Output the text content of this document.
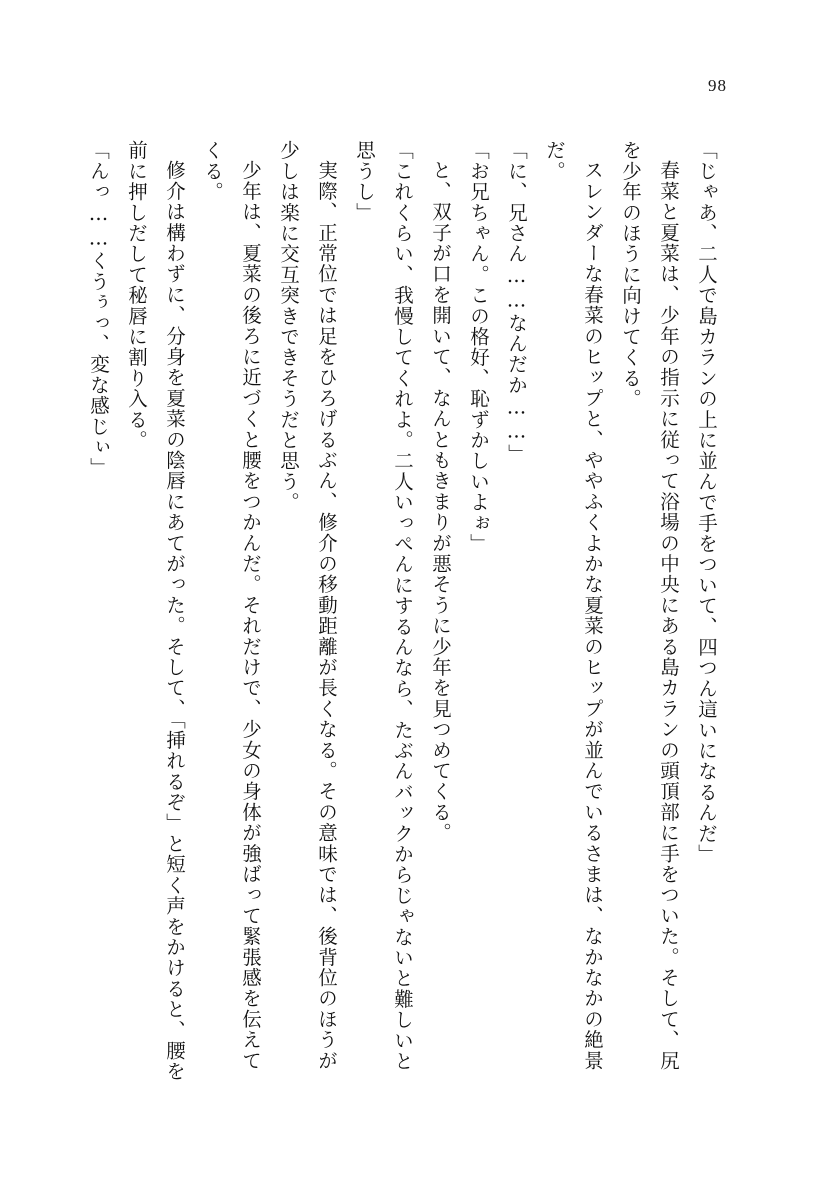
98

「じゃあ、二人で島カランの上に並んで手をついて、四つん這いになるんだ」

春菜と夏菜は、少年の指示に従って浴場の中央にある島カランの頭頂部に手をついた。そして、尻を少年のほうに向けてくる。

スレンダーな春菜のヒップと、ややふくよかな夏菜のヒップが並んでいるさまは、なかなかの絶景だ。

「に、兄さん……なんだか……」

「お兄ちゃん。この格好、恥ずかしいよぉ」

と、双子が口を開いて、なんともきまりが悪そうに少年を見つめてくる。

「これくらい、我慢してくれよ。二人いっぺんにするんなら、たぶんバックからじゃないと難しいと思うし」

実際、正常位では足をひろげるぶん、修介の移動距離が長くなる。その意味では、後背位のほうが少しは楽に交互突きできそうだと思う。

少年は、夏菜の後ろに近づくと腰をつかんだ。それだけで、少女の身体が強ばって緊張感を伝えてくる。

修介は構わずに、分身を夏菜の陰唇にあてがった。そして、「挿れるぞ」と短く声をかけると、腰を前に押しだして秘唇に割り入る。

「んっ……くうぅっ、変な感じぃ」
